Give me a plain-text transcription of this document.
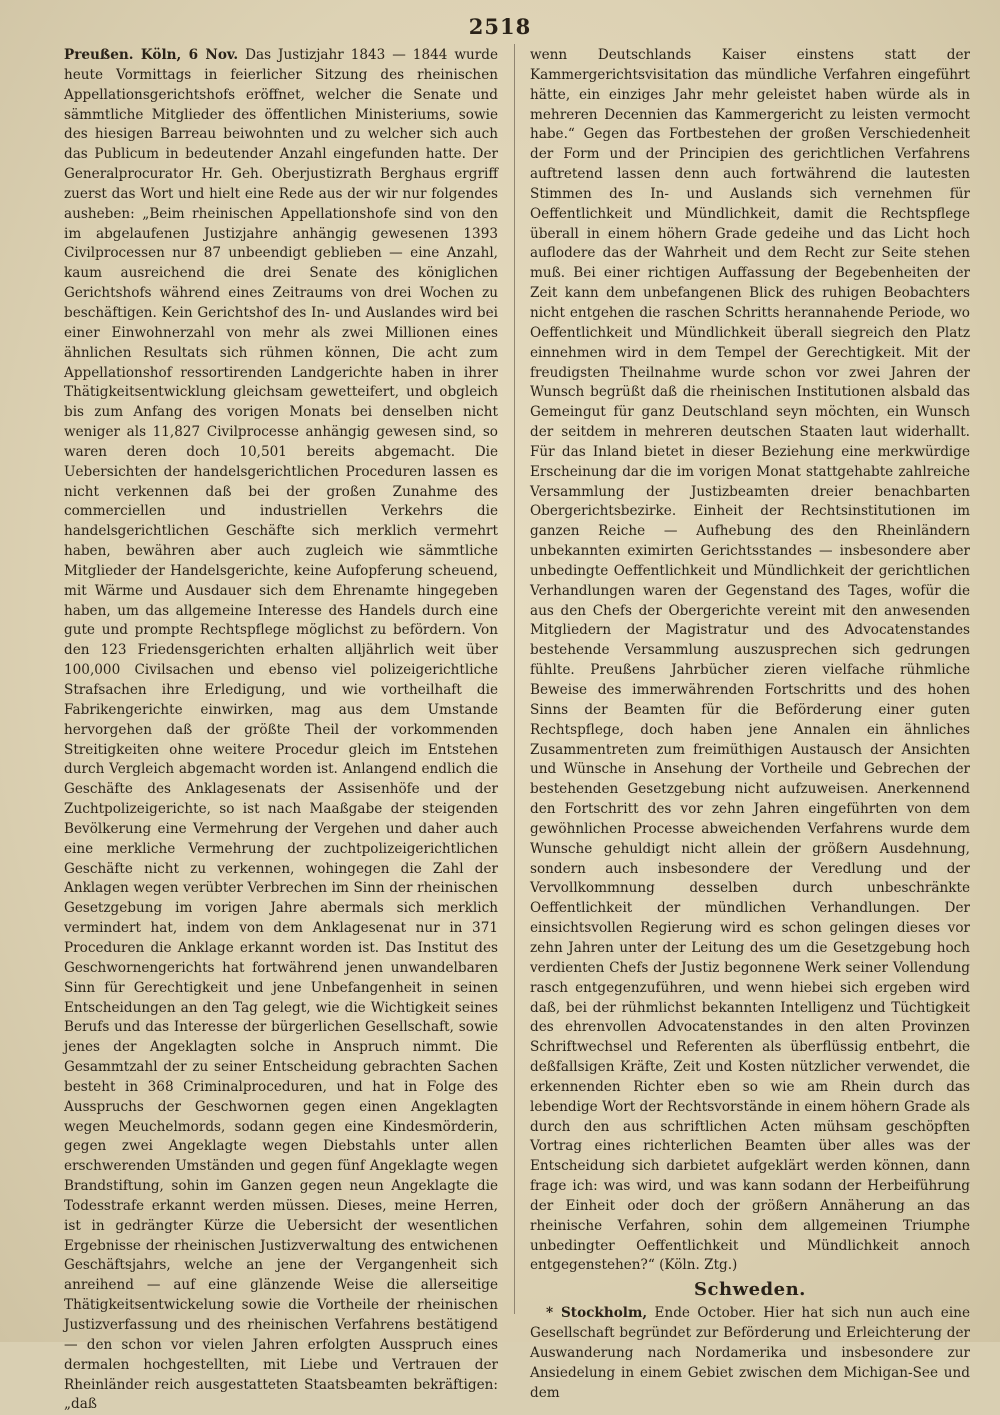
2518

Preußen. Köln, 6 Nov. Das Justizjahr 1843 — 1844 wurde heute Vormittags in feierlicher Sitzung des rheinischen Appellationsgerichtshofs eröffnet, welcher die Senate und sämmtliche Mitglieder des öffentlichen Ministeriums, sowie des hiesigen Barreau beiwohnten und zu welcher sich auch das Publicum in bedeutender Anzahl eingefunden hatte. Der Generalprocurator Hr. Geh. Oberjustizrath Berghaus ergriff zuerst das Wort und hielt eine Rede aus der wir nur folgendes ausheben: „Beim rheinischen Appellationshofe sind von den im abgelaufenen Justizjahre anhängig gewesenen 1393 Civilprocessen nur 87 unbeendigt geblieben — eine Anzahl, kaum ausreichend die drei Senate des königlichen Gerichtshofs während eines Zeitraums von drei Wochen zu beschäftigen. Kein Gerichtshof des In- und Auslandes wird bei einer Einwohnerzahl von mehr als zwei Millionen eines ähnlichen Resultats sich rühmen können, Die acht zum Appellationshof ressortirenden Landgerichte haben in ihrer Thätigkeitsentwicklung gleichsam gewetteifert, und obgleich bis zum Anfang des vorigen Monats bei denselben nicht weniger als 11,827 Civilprocesse anhängig gewesen sind, so waren deren doch 10,501 bereits abgemacht. Die Uebersichten der handelsgerichtlichen Proceduren lassen es nicht verkennen daß bei der großen Zunahme des commerciellen und industriellen Verkehrs die handelsgerichtlichen Geschäfte sich merklich vermehrt haben, bewähren aber auch zugleich wie sämmtliche Mitglieder der Handelsgerichte, keine Aufopferung scheuend, mit Wärme und Ausdauer sich dem Ehrenamte hingegeben haben, um das allgemeine Interesse des Handels durch eine gute und prompte Rechtspflege möglichst zu befördern. Von den 123 Friedensgerichten erhalten alljährlich weit über 100,000 Civilsachen und ebenso viel polizeigerichtliche Strafsachen ihre Erledigung, und wie vortheilhaft die Fabrikengerichte einwirken, mag aus dem Umstande hervorgehen daß der größte Theil der vorkommenden Streitigkeiten ohne weitere Procedur gleich im Entstehen durch Vergleich abgemacht worden ist. Anlangend endlich die Geschäfte des Anklagesenats der Assisenhöfe und der Zuchtpolizeigerichte, so ist nach Maaßgabe der steigenden Bevölkerung eine Vermehrung der Vergehen und daher auch eine merkliche Vermehrung der zuchtpolizeigerichtlichen Geschäfte nicht zu verkennen, wohingegen die Zahl der Anklagen wegen verübter Verbrechen im Sinn der rheinischen Gesetzgebung im vorigen Jahre abermals sich merklich vermindert hat, indem von dem Anklagesenat nur in 371 Proceduren die Anklage erkannt worden ist. Das Institut des Geschwornengerichts hat fortwährend jenen unwandelbaren Sinn für Gerechtigkeit und jene Unbefangenheit in seinen Entscheidungen an den Tag gelegt, wie die Wichtigkeit seines Berufs und das Interesse der bürgerlichen Gesellschaft, sowie jenes der Angeklagten solche in Anspruch nimmt. Die Gesammtzahl der zu seiner Entscheidung gebrachten Sachen besteht in 368 Criminalproceduren, und hat in Folge des Ausspruchs der Geschwornen gegen einen Angeklagten wegen Meuchelmords, sodann gegen eine Kindesmörderin, gegen zwei Angeklagte wegen Diebstahls unter allen erschwerenden Umständen und gegen fünf Angeklagte wegen Brandstiftung, sohin im Ganzen gegen neun Angeklagte die Todesstrafe erkannt werden müssen. Dieses, meine Herren, ist in gedrängter Kürze die Uebersicht der wesentlichen Ergebnisse der rheinischen Justizverwaltung des entwichenen Geschäftsjahrs, welche an jene der Vergangenheit sich anreihend — auf eine glänzende Weise die allerseitige Thätigkeitsentwickelung sowie die Vortheile der rheinischen Justizverfassung und des rheinischen Verfahrens bestätigend — den schon vor vielen Jahren erfolgten Ausspruch eines dermalen hochgestellten, mit Liebe und Vertrauen der Rheinländer reich ausgestatteten Staatsbeamten bekräftigen: „daß

wenn Deutschlands Kaiser einstens statt der Kammergerichtsvisitation das mündliche Verfahren eingeführt hätte, ein einziges Jahr mehr geleistet haben würde als in mehreren Decennien das Kammergericht zu leisten vermocht habe.“ Gegen das Fortbestehen der großen Verschiedenheit der Form und der Principien des gerichtlichen Verfahrens auftretend lassen denn auch fortwährend die lautesten Stimmen des In- und Auslands sich vernehmen für Oeffentlichkeit und Mündlichkeit, damit die Rechtspflege überall in einem höhern Grade gedeihe und das Licht hoch auflodere das der Wahrheit und dem Recht zur Seite stehen muß. Bei einer richtigen Auffassung der Begebenheiten der Zeit kann dem unbefangenen Blick des ruhigen Beobachters nicht entgehen die raschen Schritts herannahende Periode, wo Oeffentlichkeit und Mündlichkeit überall siegreich den Platz einnehmen wird in dem Tempel der Gerechtigkeit. Mit der freudigsten Theilnahme wurde schon vor zwei Jahren der Wunsch begrüßt daß die rheinischen Institutionen alsbald das Gemeingut für ganz Deutschland seyn möchten, ein Wunsch der seitdem in mehreren deutschen Staaten laut widerhallt. Für das Inland bietet in dieser Beziehung eine merkwürdige Erscheinung dar die im vorigen Monat stattgehabte zahlreiche Versammlung der Justizbeamten dreier benachbarten Obergerichtsbezirke. Einheit der Rechtsinstitutionen im ganzen Reiche — Aufhebung des den Rheinländern unbekannten eximirten Gerichtsstandes — insbesondere aber unbedingte Oeffentlichkeit und Mündlichkeit der gerichtlichen Verhandlungen waren der Gegenstand des Tages, wofür die aus den Chefs der Obergerichte vereint mit den anwesenden Mitgliedern der Magistratur und des Advocatenstandes bestehende Versammlung auszusprechen sich gedrungen fühlte. Preußens Jahrbücher zieren vielfache rühmliche Beweise des immerwährenden Fortschritts und des hohen Sinns der Beamten für die Beförderung einer guten Rechtspflege, doch haben jene Annalen ein ähnliches Zusammentreten zum freimüthigen Austausch der Ansichten und Wünsche in Ansehung der Vortheile und Gebrechen der bestehenden Gesetzgebung nicht aufzuweisen. Anerkennend den Fortschritt des vor zehn Jahren eingeführten von dem gewöhnlichen Processe abweichenden Verfahrens wurde dem Wunsche gehuldigt nicht allein der größern Ausdehnung, sondern auch insbesondere der Veredlung und der Vervollkommnung desselben durch unbeschränkte Oeffentlichkeit der mündlichen Verhandlungen. Der einsichtsvollen Regierung wird es schon gelingen dieses vor zehn Jahren unter der Leitung des um die Gesetzgebung hoch verdienten Chefs der Justiz begonnene Werk seiner Vollendung rasch entgegenzuführen, und wenn hiebei sich ergeben wird daß, bei der rühmlichst bekannten Intelligenz und Tüchtigkeit des ehrenvollen Advocatenstandes in den alten Provinzen Schriftwechsel und Referenten als überflüssig entbehrt, die deßfallsigen Kräfte, Zeit und Kosten nützlicher verwendet, die erkennenden Richter eben so wie am Rhein durch das lebendige Wort der Rechtsvorstände in einem höhern Grade als durch den aus schriftlichen Acten mühsam geschöpften Vortrag eines richterlichen Beamten über alles was der Entscheidung sich darbietet aufgeklärt werden können, dann frage ich: was wird, und was kann sodann der Herbeiführung der Einheit oder doch der größern Annäherung an das rheinische Verfahren, sohin dem allgemeinen Triumphe unbedingter Oeffentlichkeit und Mündlichkeit annoch entgegenstehen?“ (Köln. Ztg.)

Schweden.

* Stockholm, Ende October. Hier hat sich nun auch eine Gesellschaft begründet zur Beförderung und Erleichterung der Auswanderung nach Nordamerika und insbesondere zur Ansiedelung in einem Gebiet zwischen dem Michigan-See und dem
